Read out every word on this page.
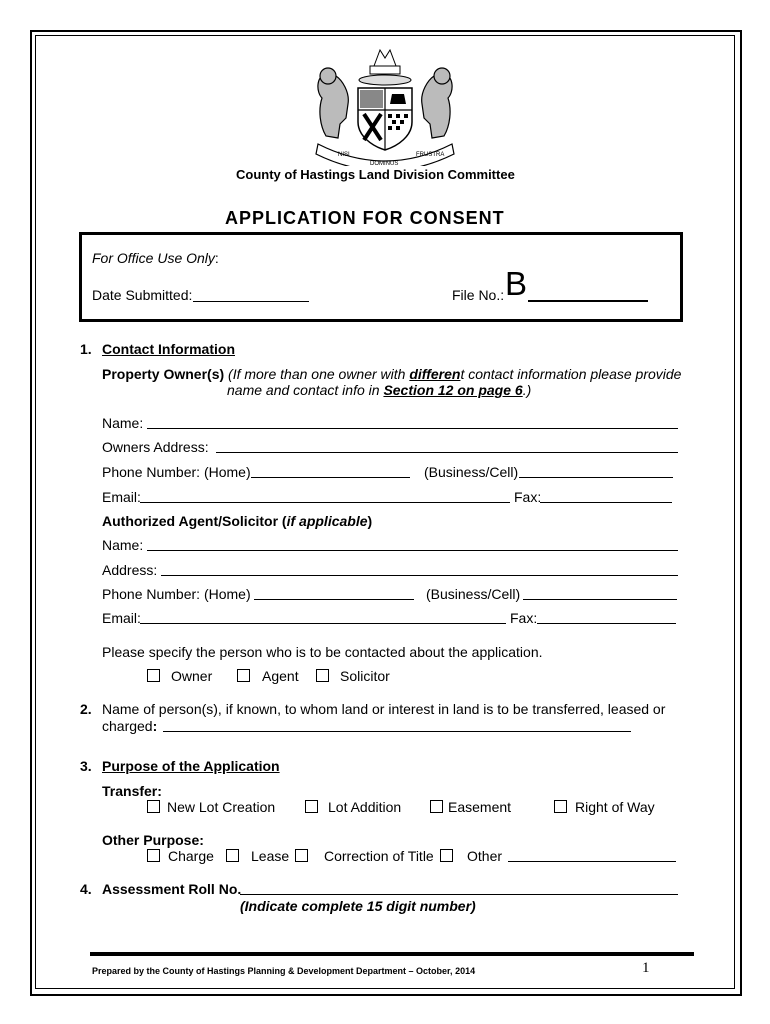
NISI
DOMINUS
FRUSTRA
County of Hastings Land Division Committee
APPLICATION FOR CONSENT
For Office Use Only:
Date Submitted:	File No.: B
1. Contact Information
Property Owner(s) (If more than one owner with different contact information please provide
name and contact info in Section 12 on page 6.)
Name:
Owners Address:
Phone Number: (Home)	(Business/Cell)
Email:	Fax:
Authorized Agent/Solicitor (if applicable)
Name:
Address:
Phone Number: (Home)	(Business/Cell)
Email:	Fax:
Please specify the person who is to be contacted about the application.
Owner	Agent	Solicitor
2. Name of person(s), if known, to whom land or interest in land is to be transferred, leased or
charged:
3. Purpose of the Application
Transfer:
New Lot Creation	Lot Addition	Easement	Right of Way
Other Purpose:
Charge	Lease Correction of Title Other
4. Assessment Roll No.
(Indicate complete 15 digit number)
Prepared by the County of Hastings Planning & Development Department – October, 2014	1
